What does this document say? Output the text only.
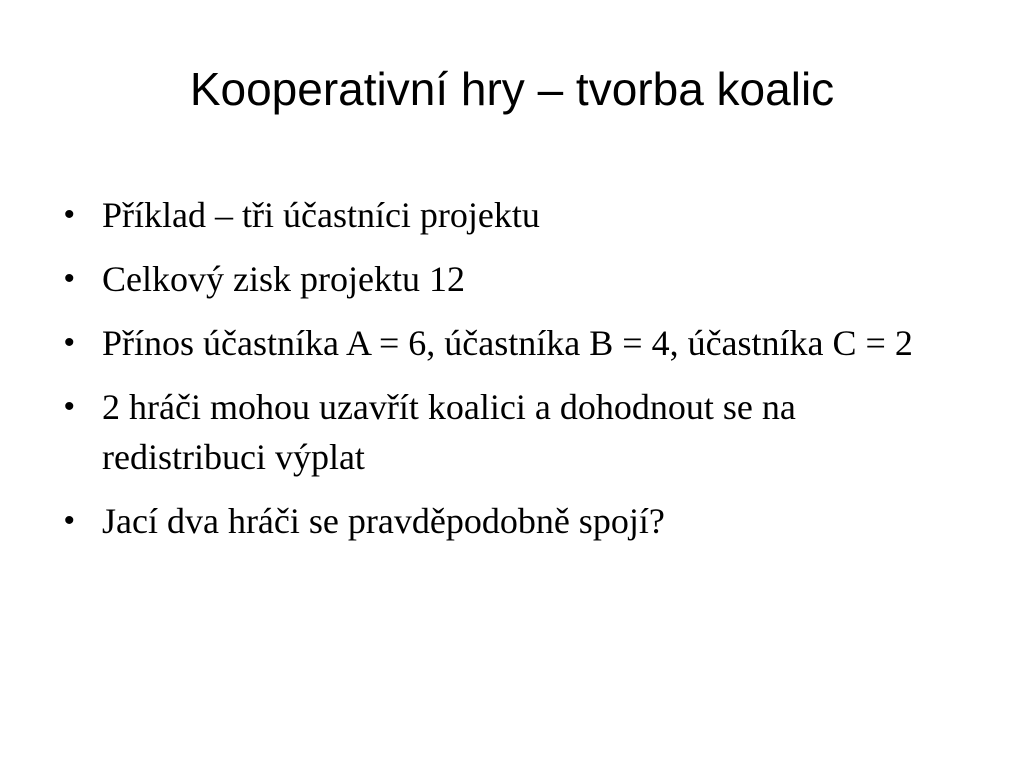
Kooperativní hry – tvorba koalic
• Příklad – tři účastníci projektu
• Celkový zisk projektu 12
• Přínos účastníka A = 6, účastníka B = 4, účastníka C = 2
• 2 hráči mohou uzavřít koalici a dohodnout se na redistribuci výplat
• Jací dva hráči se pravděpodobně spojí?
